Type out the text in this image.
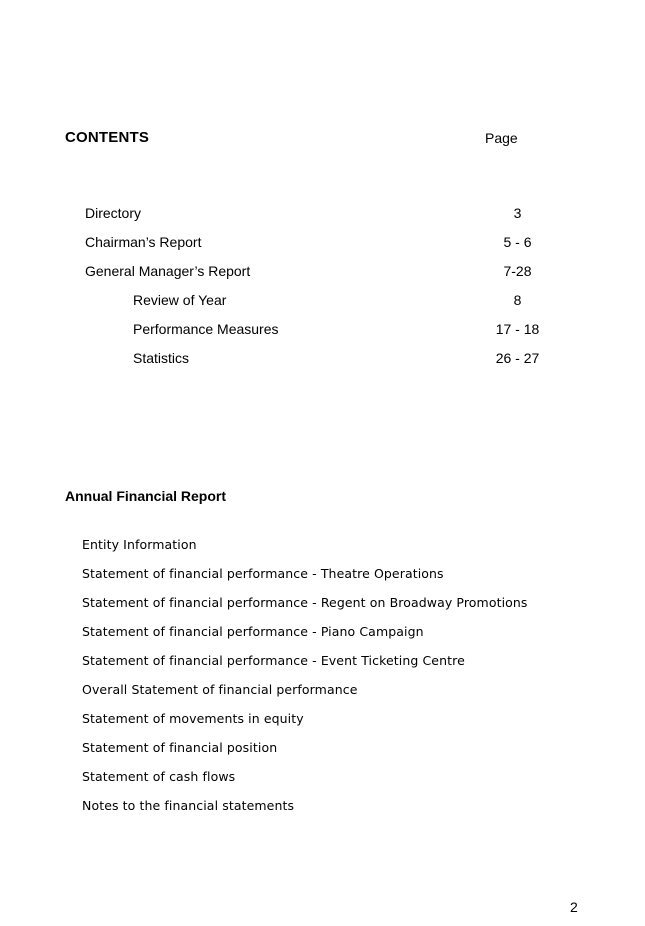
CONTENTS	Page
Directory	3
Chairman’s Report	5 - 6
General Manager’s Report	7-28
Review of Year	8
Performance Measures	17 - 18
Statistics	26 - 27
Annual Financial Report
Entity Information
Statement of financial performance - Theatre Operations
Statement of financial performance - Regent on Broadway Promotions
Statement of financial performance - Piano Campaign
Statement of financial performance - Event Ticketing Centre
Overall Statement of financial performance
Statement of movements in equity
Statement of financial position
Statement of cash flows
Notes to the financial statements
2
